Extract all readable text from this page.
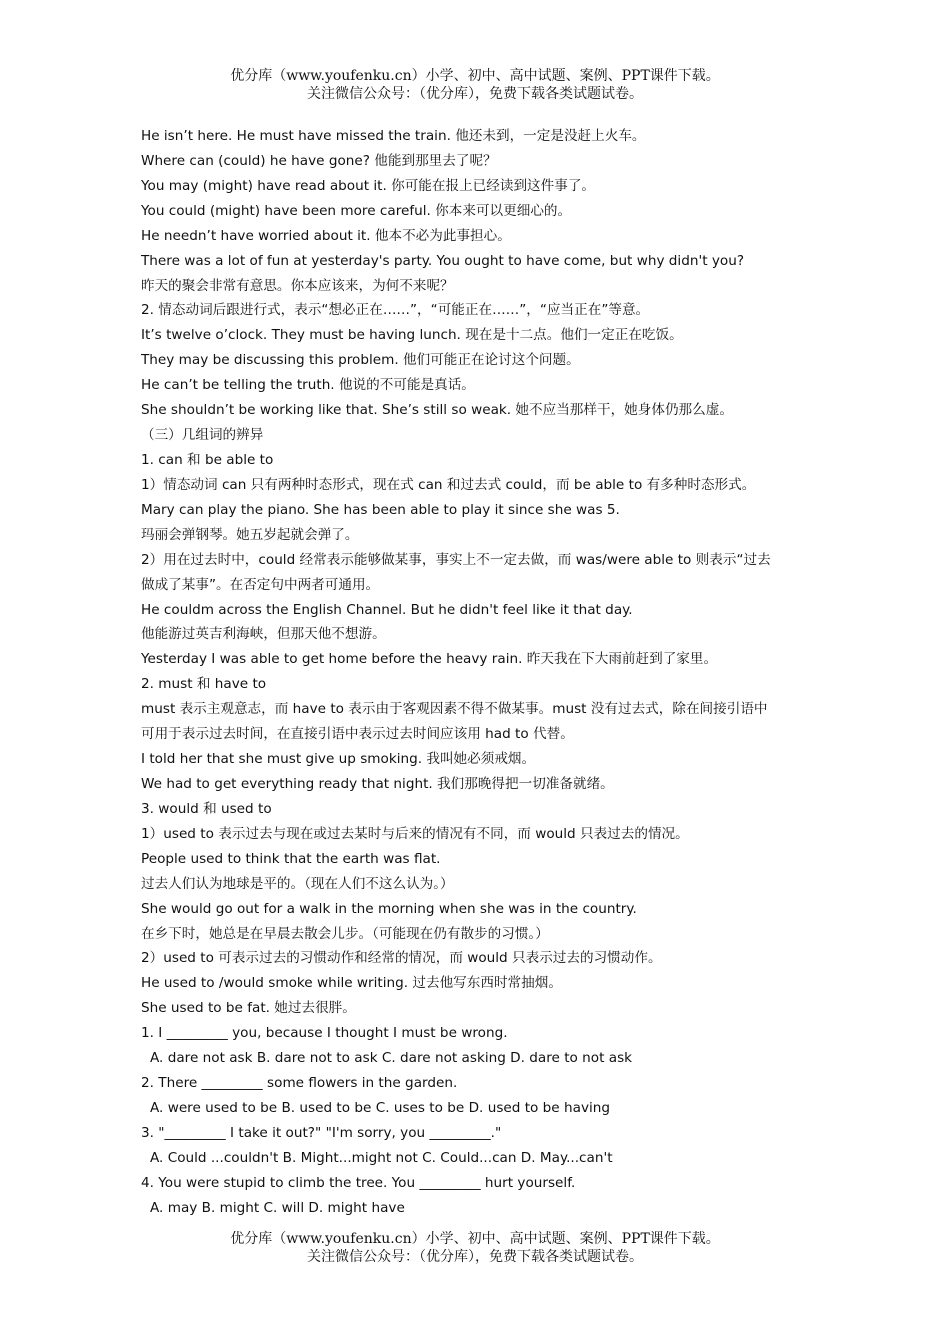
优分库（www.youfenku.cn）小学、初中、高中试题、案例、PPT课件下载。
关注微信公众号：（优分库），免费下载各类试题试卷。
He isn’t here. He must have missed the train. 他还未到，一定是没赶上火车。
Where can (could) he have gone? 他能到那里去了呢？
You may (might) have read about it. 你可能在报上已经读到这件事了。
You could (might) have been more careful. 你本来可以更细心的。
He needn’t have worried about it. 他本不必为此事担心。
There was a lot of fun at yesterday's party. You ought to have come, but why didn't you?
昨天的聚会非常有意思。你本应该来，为何不来呢？
2. 情态动词后跟进行式，表示“想必正在……”，“可能正在……”，“应当正在”等意。
It’s twelve o’clock. They must be having lunch. 现在是十二点。他们一定正在吃饭。
They may be discussing this problem. 他们可能正在论讨这个问题。
He can’t be telling the truth. 他说的不可能是真话。
She shouldn’t be working like that. She’s still so weak. 她不应当那样干，她身体仍那么虚。
（三）几组词的辨异
1. can 和 be able to
1）情态动词 can 只有两种时态形式，现在式 can 和过去式 could，而 be able to 有多种时态形式。
Mary can play the piano. She has been able to play it since she was 5.
玛丽会弹钢琴。她五岁起就会弹了。
2）用在过去时中，could 经常表示能够做某事，事实上不一定去做，而 was/were able to 则表示“过去
做成了某事”。在否定句中两者可通用。
He couldm across the English Channel. But he didn't feel like it that day.
他能游过英吉利海峡，但那天他不想游。
Yesterday I was able to get home before the heavy rain. 昨天我在下大雨前赶到了家里。
2. must 和 have to
must 表示主观意志，而 have to 表示由于客观因素不得不做某事。must 没有过去式，除在间接引语中
可用于表示过去时间，在直接引语中表示过去时间应该用 had to 代替。
I told her that she must give up smoking. 我叫她必须戒烟。
We had to get everything ready that night. 我们那晚得把一切准备就绪。
3. would 和 used to
1）used to 表示过去与现在或过去某时与后来的情况有不同，而 would 只表过去的情况。
People used to think that the earth was flat.
过去人们认为地球是平的。（现在人们不这么认为。）
She would go out for a walk in the morning when she was in the country.
在乡下时，她总是在早晨去散会儿步。（可能现在仍有散步的习惯。）
2）used to 可表示过去的习惯动作和经常的情况，而 would 只表示过去的习惯动作。
He used to /would smoke while writing. 过去他写东西时常抽烟。
She used to be fat. 她过去很胖。
1. I _________ you, because I thought I must be wrong.
A. dare not ask B. dare not to ask C. dare not asking D. dare to not ask
2. There _________ some flowers in the garden.
A. were used to be B. used to be C. uses to be D. used to be having
3. "_________ I take it out?" "I'm sorry, you _________."
A. Could ...couldn't B. Might...might not C. Could...can D. May...can't
4. You were stupid to climb the tree. You _________ hurt yourself.
A. may B. might C. will D. might have
优分库（www.youfenku.cn）小学、初中、高中试题、案例、PPT课件下载。
关注微信公众号：（优分库），免费下载各类试题试卷。
